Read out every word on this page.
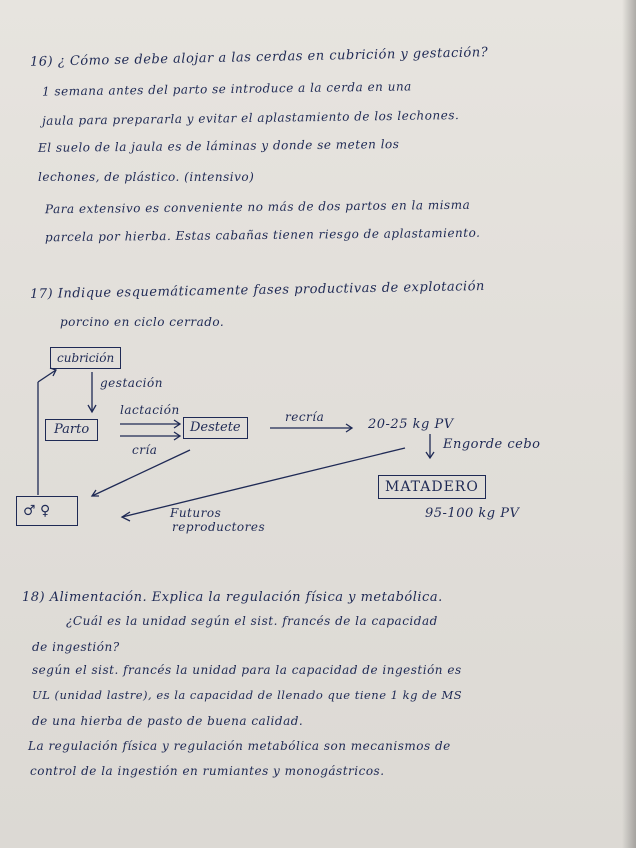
16) ¿ Cómo se debe alojar a las cerdas en cubrición y gestación?
1 semana antes del parto se introduce a la cerda en una
jaula para prepararla y evitar el aplastamiento de los lechones.
El suelo de la jaula es de láminas y donde se meten los
lechones, de plástico. (intensivo)
Para extensivo es conveniente no más de dos partos en la misma
parcela por hierba. Estas cabañas tienen riesgo de aplastamiento.
17) Indique esquemáticamente fases productivas de explotación
porcino en ciclo cerrado.
cubrición
gestación
lactación
Parto
cría
Destete
recría	20-25 kg PV
Engorde cebo
MATADERO
95-100 kg PV
♂ ♀	Futuros
reproductores
18) Alimentación. Explica la regulación física y metabólica.
¿Cuál es la unidad según el sist. francés de la capacidad
de ingestión?
según el sist. francés la unidad para la capacidad de ingestión es
UL (unidad lastre), es la capacidad de llenado que tiene 1 kg de MS
de una hierba de pasto de buena calidad.
La regulación física y regulación metabólica son mecanismos de
control de la ingestión en rumiantes y monogástricos.
